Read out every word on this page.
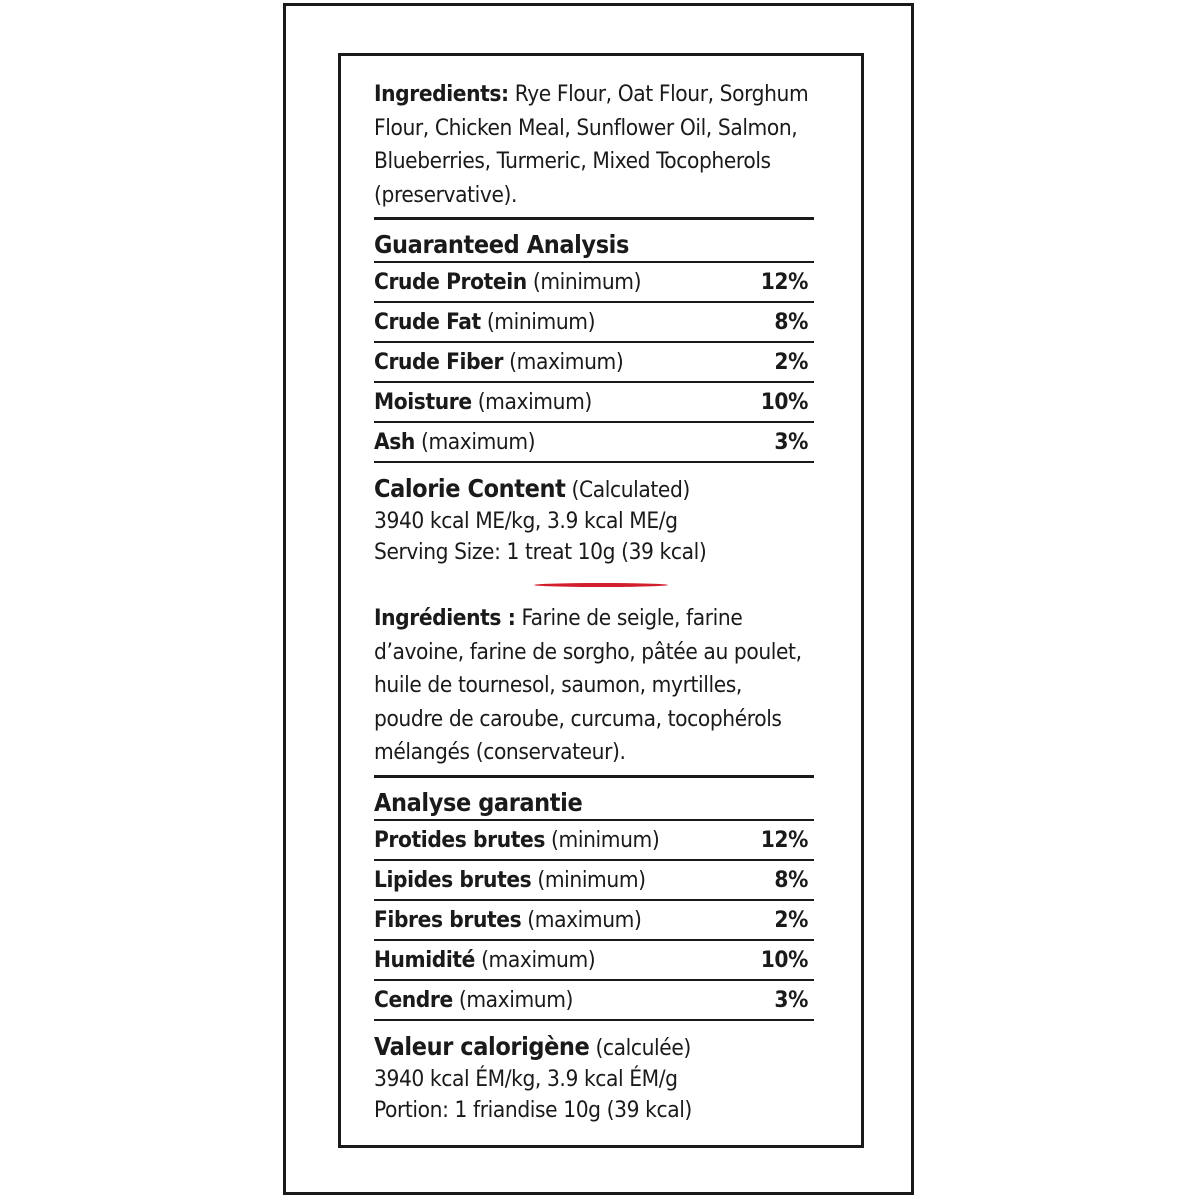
Ingredients: Rye Flour, Oat Flour, Sorghum Flour, Chicken Meal, Sunflower Oil, Salmon, Blueberries, Turmeric, Mixed Tocopherols (preservative).

Guaranteed Analysis
Crude Protein (minimum)	12%
Crude Fat (minimum)	8%
Crude Fiber (maximum)	2%
Moisture (maximum)	10%
Ash (maximum)	3%
Calorie Content (Calculated)
3940 kcal ME/kg, 3.9 kcal ME/g
Serving Size: 1 treat 10g (39 kcal)

Ingrédients : Farine de seigle, farine d’avoine, farine de sorgho, pâtée au poulet, huile de tournesol, saumon, myrtilles, poudre de caroube, curcuma, tocophérols mélangés (conservateur).

Analyse garantie
Protides brutes (minimum)	12%
Lipides brutes (minimum)	8%
Fibres brutes (maximum)	2%
Humidité (maximum)	10%
Cendre (maximum)	3%
Valeur calorigène (calculée)
3940 kcal ÉM/kg, 3.9 kcal ÉM/g
Portion: 1 friandise 10g (39 kcal)
